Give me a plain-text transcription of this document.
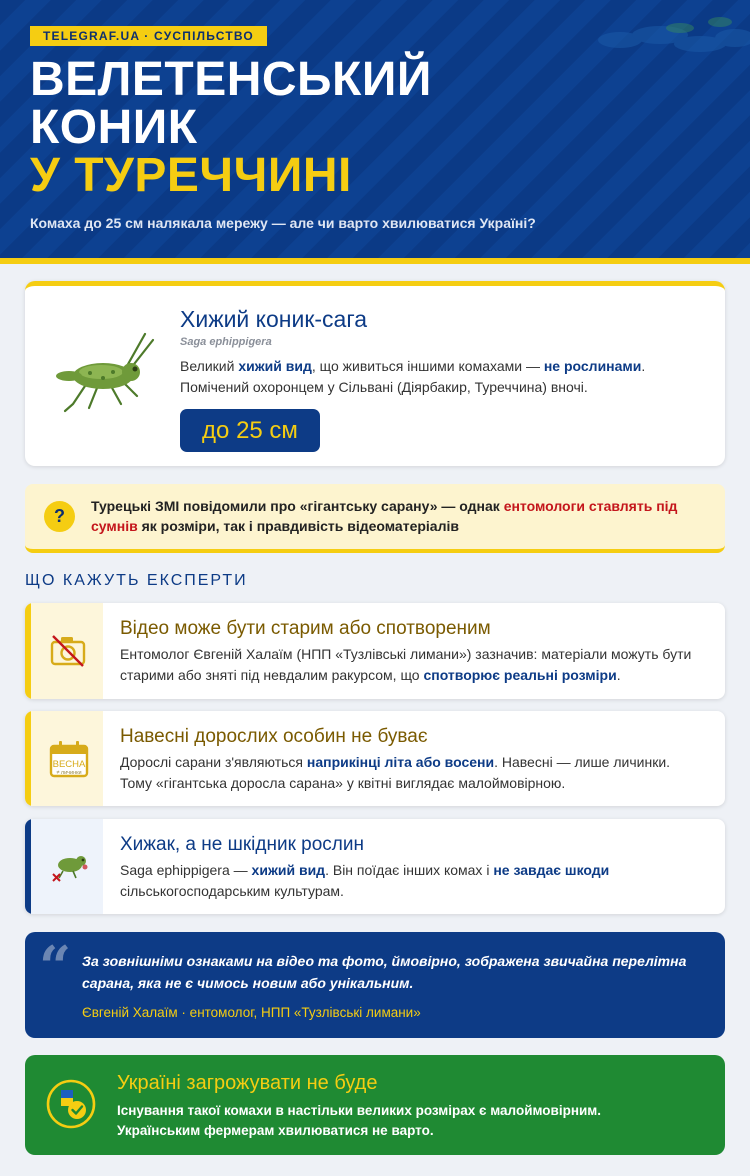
TELEGRAF.UA · СУСПІЛЬСТВО
ВЕЛЕТЕНСЬКИЙ
КОНИК
У ТУРЕЧЧИНІ
Комаха до 25 см налякала мережу — але чи варто хвилюватися Україні?
Хижий коник-сага
Saga ephippigera
Великий хижий вид, що живиться іншими комахами — не рослинами.
Помічений охоронцем у Сільвані (Діярбакир, Туреччина) вночі.
до 25 см
?	Турецькі ЗМІ повідомили про «гігантську сарану» — однак ентомологи ставлять під сумнів як розміри, так і правдивість відеоматеріалів
ЩО КАЖУТЬ ЕКСПЕРТИ
Відео може бути старим або спотвореним

Ентомолог Євгеній Халаїм (НПП «Тузлівські лимани») зазначив: матеріали можуть бути старими або зняті під невдалим ракурсом, що спотворює реальні розміри.

ВЕСНА
≠ личинки
Навесні дорослих особин не буває

Дорослі сарани з'являються наприкінці літа або восени. Навесні — лише личинки. Тому «гігантська доросла сарана» у квітні виглядає малоймовірною.

Хижак, а не шкідник рослин

Saga ephippigera — хижий вид. Він поїдає інших комах і не завдає шкоди сільськогосподарським культурам.

“ За зовнішніми ознаками на відео та фото, ймовірно, зображена звичайна перелітна сарана, яка не є чимось новим або унікальним.
Євгеній Халаїм · ентомолог, НПП «Тузлівські лимани»
Україні загрожувати не буде
Існування такої комахи в настільки великих розмірах є малоймовірним.
Українським фермерам хвилюватися не варто.
